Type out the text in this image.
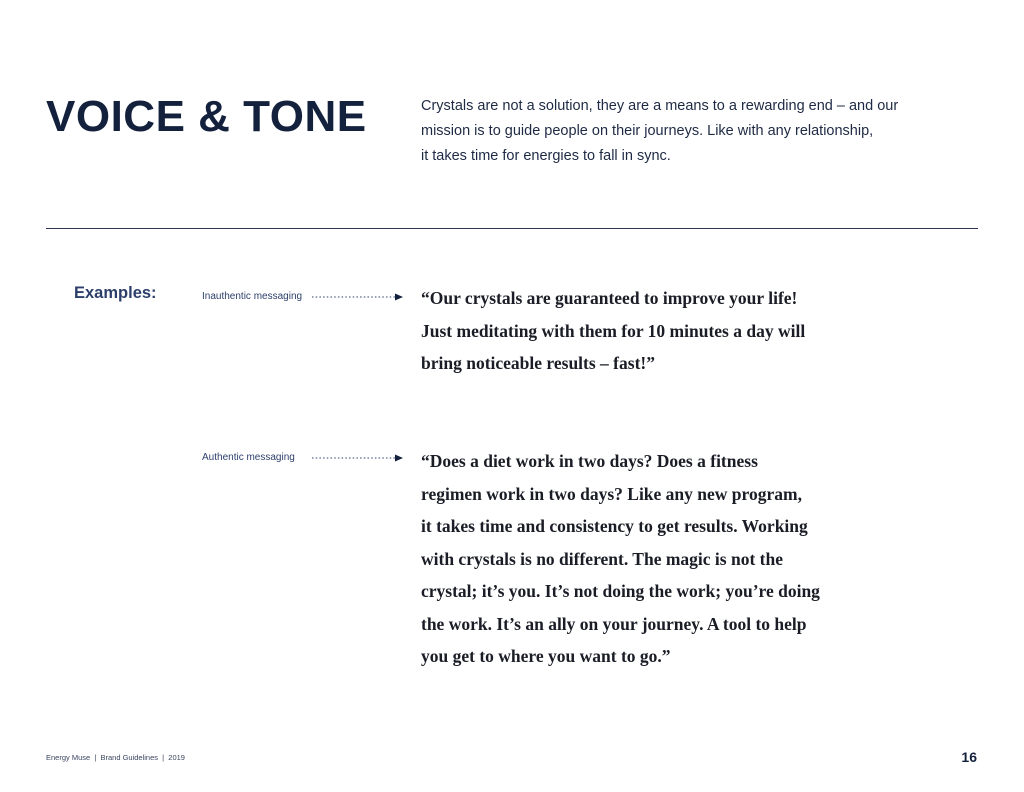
VOICE & TONE	Crystals are not a solution, they are a means to a rewarding end – and our
mission is to guide people on their journeys. Like with any relationship,
it takes time for energies to fall in sync.
Examples:	Inauthentic messaging	“Our crystals are guaranteed to improve your life!
Just meditating with them for 10 minutes a day will
bring noticeable results – fast!”
Authentic messaging	“Does a diet work in two days? Does a fitness
regimen work in two days? Like any new program,
it takes time and consistency to get results. Working
with crystals is no different. The magic is not the
crystal; it’s you. It’s not doing the work; you’re doing
the work. It’s an ally on your journey. A tool to help
you get to where you want to go.”
Energy Muse  |  Brand Guidelines  |  2019	16
